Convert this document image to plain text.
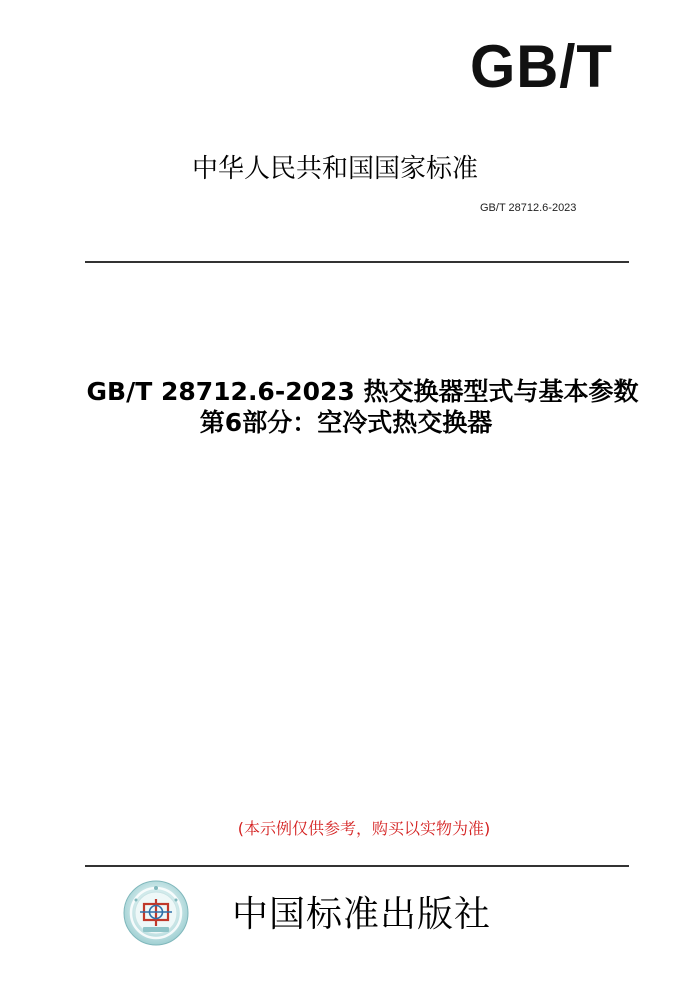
GB/T
中华人民共和国国家标准
GB/T 28712.6-2023
GB/T 28712.6-2023 热交换器型式与基本参数
第6部分：空冷式热交换器
(本示例仅供参考，购买以实物为准)
中国标准出版社
